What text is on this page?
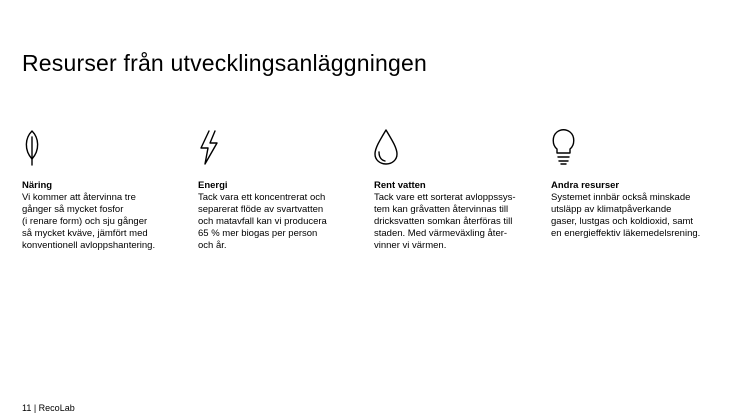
Resurser från utvecklingsanläggningen
Näring

Vi kommer att återvinna tre
gånger så mycket fosfor
(i renare form) och sju gånger
så mycket kväve, jämfört med
konventionell avloppshantering.

Energi

Tack vara ett koncentrerat och
separerat flöde av svartvatten
och matavfall kan vi producera
65 % mer biogas per person
och år.

Rent vatten

Tack vare ett sorterat avloppssys-
tem kan gråvatten återvinnas till
dricksvatten somkan återföras till
staden. Med värmeväxling åter-
vinner vi värmen.

Andra resurser

Systemet innbär också minskade
utsläpp av klimatpåverkande
gaser, lustgas och koldioxid, samt
en energieffektiv läkemedelsrening.

11 | RecoLab
